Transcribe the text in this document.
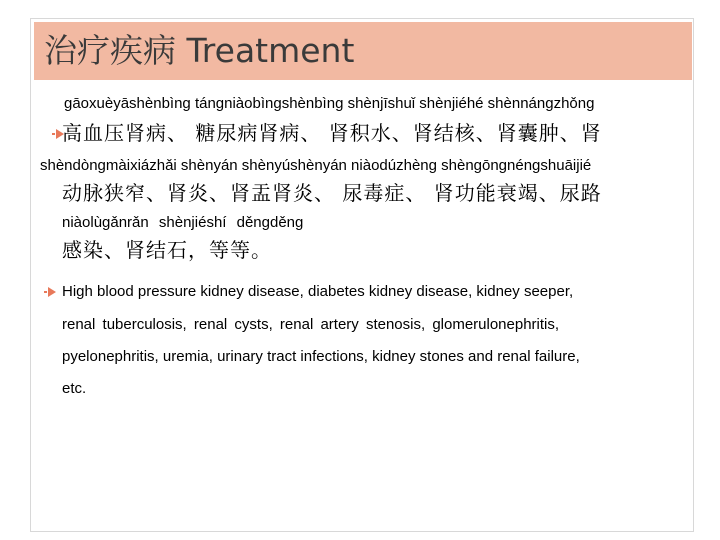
治疗疾病 Treatment
gāoxuèyāshènbìng tángniàobìngshènbìng shènjīshuǐ shènjiéhé shènnángzhǒng
高血压肾病、 糖尿病肾病、 肾积水、肾结核、肾囊肿、肾
shèndòngmàixiázhǎi shènyán shènyúshènyán niàodúzhèng shèngōngnéngshuāijié
动脉狭窄、肾炎、肾盂肾炎、 尿毒症、 肾功能衰竭、尿路
niàolùgǎnrǎn shènjiéshí děngděng
感染、肾结石，等等。
High blood pressure kidney disease, diabetes kidney disease, kidney seeper,
renal tuberculosis, renal cysts, renal artery stenosis, glomerulonephritis,
pyelonephritis, uremia, urinary tract infections, kidney stones and renal failure,
etc.
